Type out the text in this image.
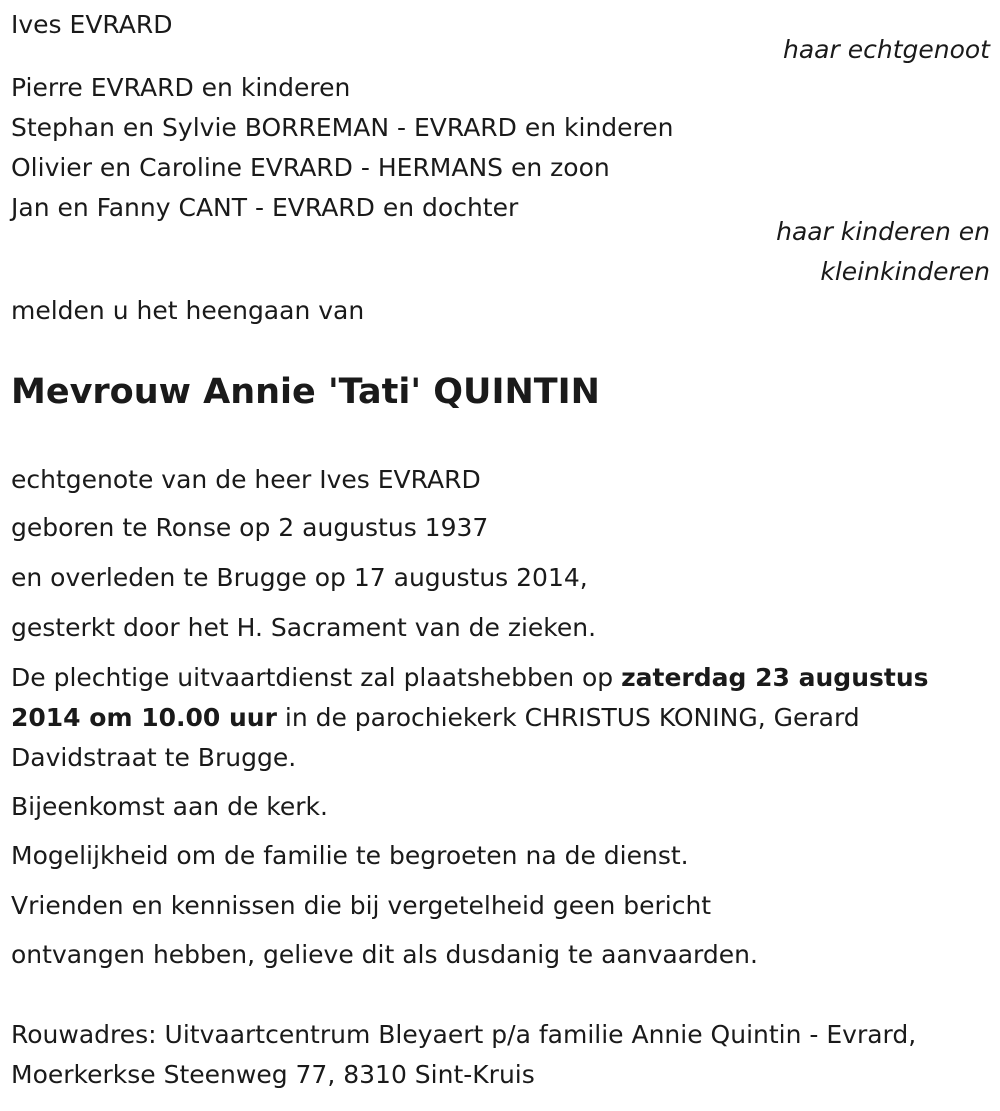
Ives EVRARD
haar echtgenoot
Pierre EVRARD en kinderen
Stephan en Sylvie BORREMAN - EVRARD en kinderen
Olivier en Caroline EVRARD - HERMANS en zoon
Jan en Fanny CANT - EVRARD en dochter
haar kinderen en
kleinkinderen
melden u het heengaan van
Mevrouw Annie 'Tati' QUINTIN
echtgenote van de heer Ives EVRARD
geboren te Ronse op 2 augustus 1937
en overleden te Brugge op 17 augustus 2014,
gesterkt door het H. Sacrament van de zieken.
De plechtige uitvaartdienst zal plaatshebben op zaterdag 23 augustus 2014 om 10.00 uur in de parochiekerk CHRISTUS KONING, Gerard Davidstraat te Brugge.
Bijeenkomst aan de kerk.
Mogelijkheid om de familie te begroeten na de dienst.
Vrienden en kennissen die bij vergetelheid geen bericht
ontvangen hebben, gelieve dit als dusdanig te aanvaarden.
Rouwadres: Uitvaartcentrum Bleyaert p/a familie Annie Quintin - Evrard,
Moerkerkse Steenweg 77, 8310 Sint-Kruis
